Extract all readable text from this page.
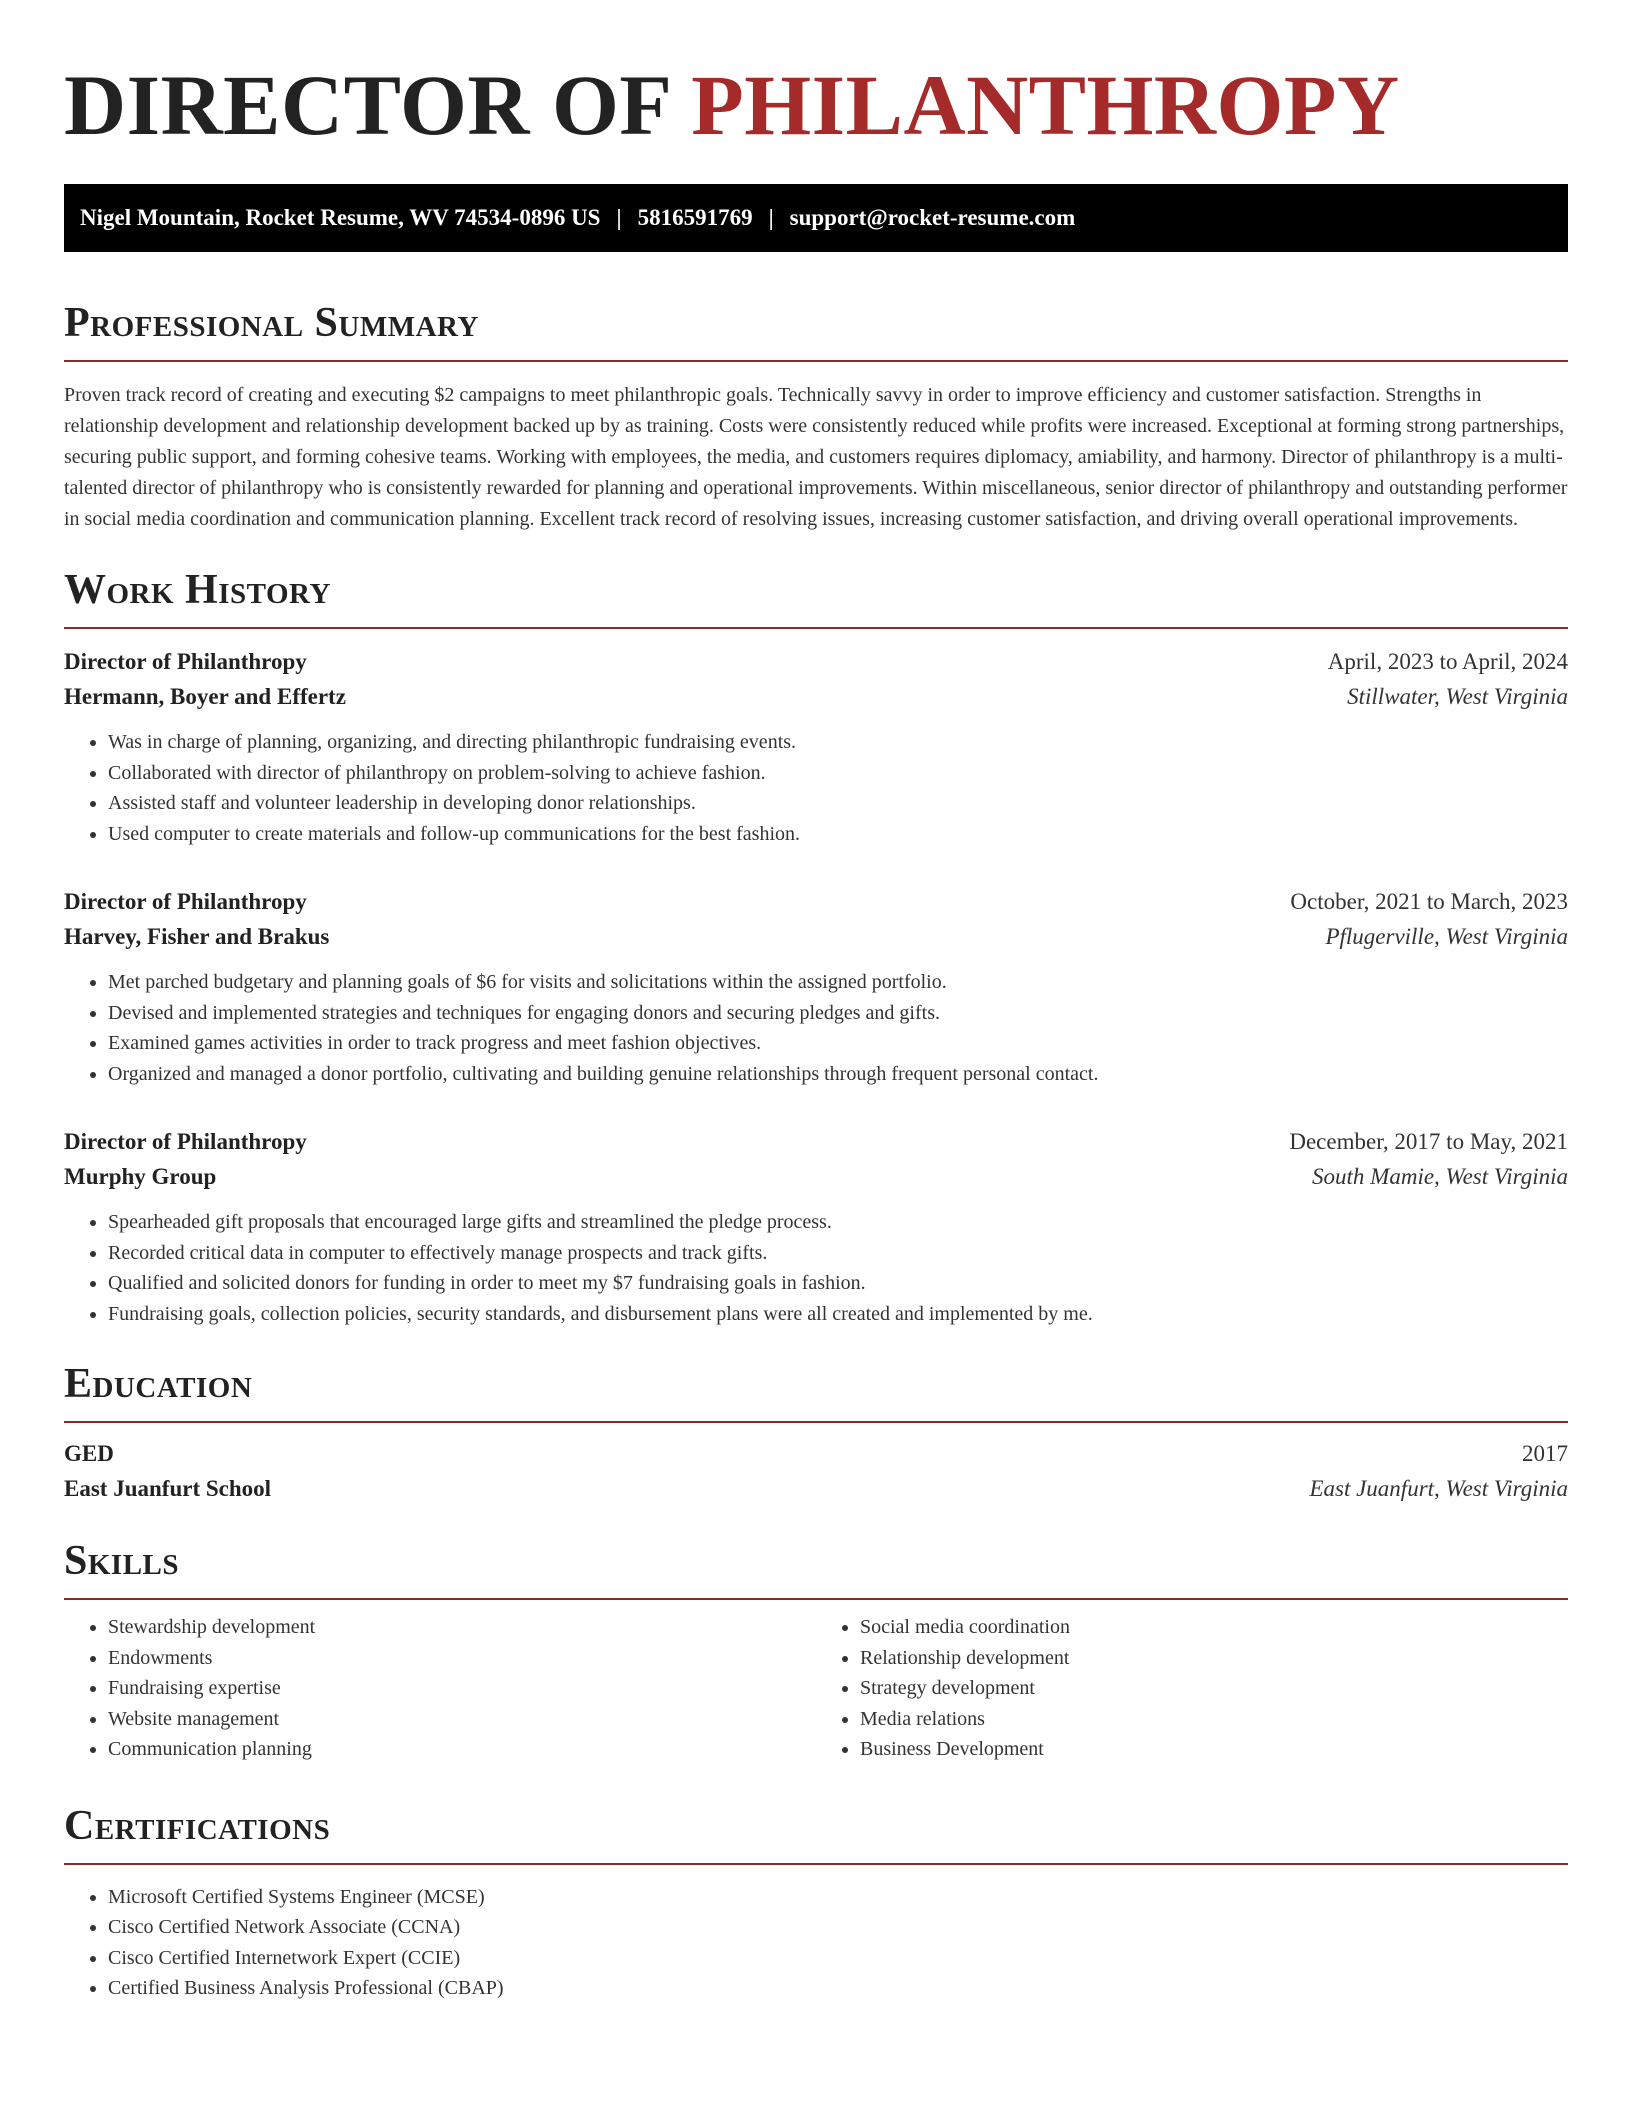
DIRECTOR OF PHILANTHROPY
Nigel Mountain, Rocket Resume, WV 74534-0896 US | 5816591769 | support@rocket-resume.com
Professional Summary

Proven track record of creating and executing $2 campaigns to meet philanthropic goals. Technically savvy in order to improve efficiency and customer satisfaction. Strengths in relationship development and relationship development backed up by as training. Costs were consistently reduced while profits were increased. Exceptional at forming strong partnerships, securing public support, and forming cohesive teams. Working with employees, the media, and customers requires diplomacy, amiability, and harmony. Director of philanthropy is a multi-talented director of philanthropy who is consistently rewarded for planning and operational improvements. Within miscellaneous, senior director of philanthropy and outstanding performer in social media coordination and communication planning. Excellent track record of resolving issues, increasing customer satisfaction, and driving overall operational improvements.

Work History
Director of Philanthropy	April, 2023 to April, 2024
Hermann, Boyer and Effertz	Stillwater, West Virginia
• Was in charge of planning, organizing, and directing philanthropic fundraising events.
• Collaborated with director of philanthropy on problem-solving to achieve fashion.
• Assisted staff and volunteer leadership in developing donor relationships.
• Used computer to create materials and follow-up communications for the best fashion.
Director of Philanthropy	October, 2021 to March, 2023
Harvey, Fisher and Brakus	Pflugerville, West Virginia
• Met parched budgetary and planning goals of $6 for visits and solicitations within the assigned portfolio.
• Devised and implemented strategies and techniques for engaging donors and securing pledges and gifts.
• Examined games activities in order to track progress and meet fashion objectives.
• Organized and managed a donor portfolio, cultivating and building genuine relationships through frequent personal contact.
Director of Philanthropy	December, 2017 to May, 2021
Murphy Group	South Mamie, West Virginia
• Spearheaded gift proposals that encouraged large gifts and streamlined the pledge process.
• Recorded critical data in computer to effectively manage prospects and track gifts.
• Qualified and solicited donors for funding in order to meet my $7 fundraising goals in fashion.
• Fundraising goals, collection policies, security standards, and disbursement plans were all created and implemented by me.
Education
GED	2017
East Juanfurt School	East Juanfurt, West Virginia
Skills
• Stewardship development
• Endowments
• Fundraising expertise
• Website management
• Communication planning
• Social media coordination
• Relationship development
• Strategy development
• Media relations
• Business Development
Certifications
• Microsoft Certified Systems Engineer (MCSE)
• Cisco Certified Network Associate (CCNA)
• Cisco Certified Internetwork Expert (CCIE)
• Certified Business Analysis Professional (CBAP)
